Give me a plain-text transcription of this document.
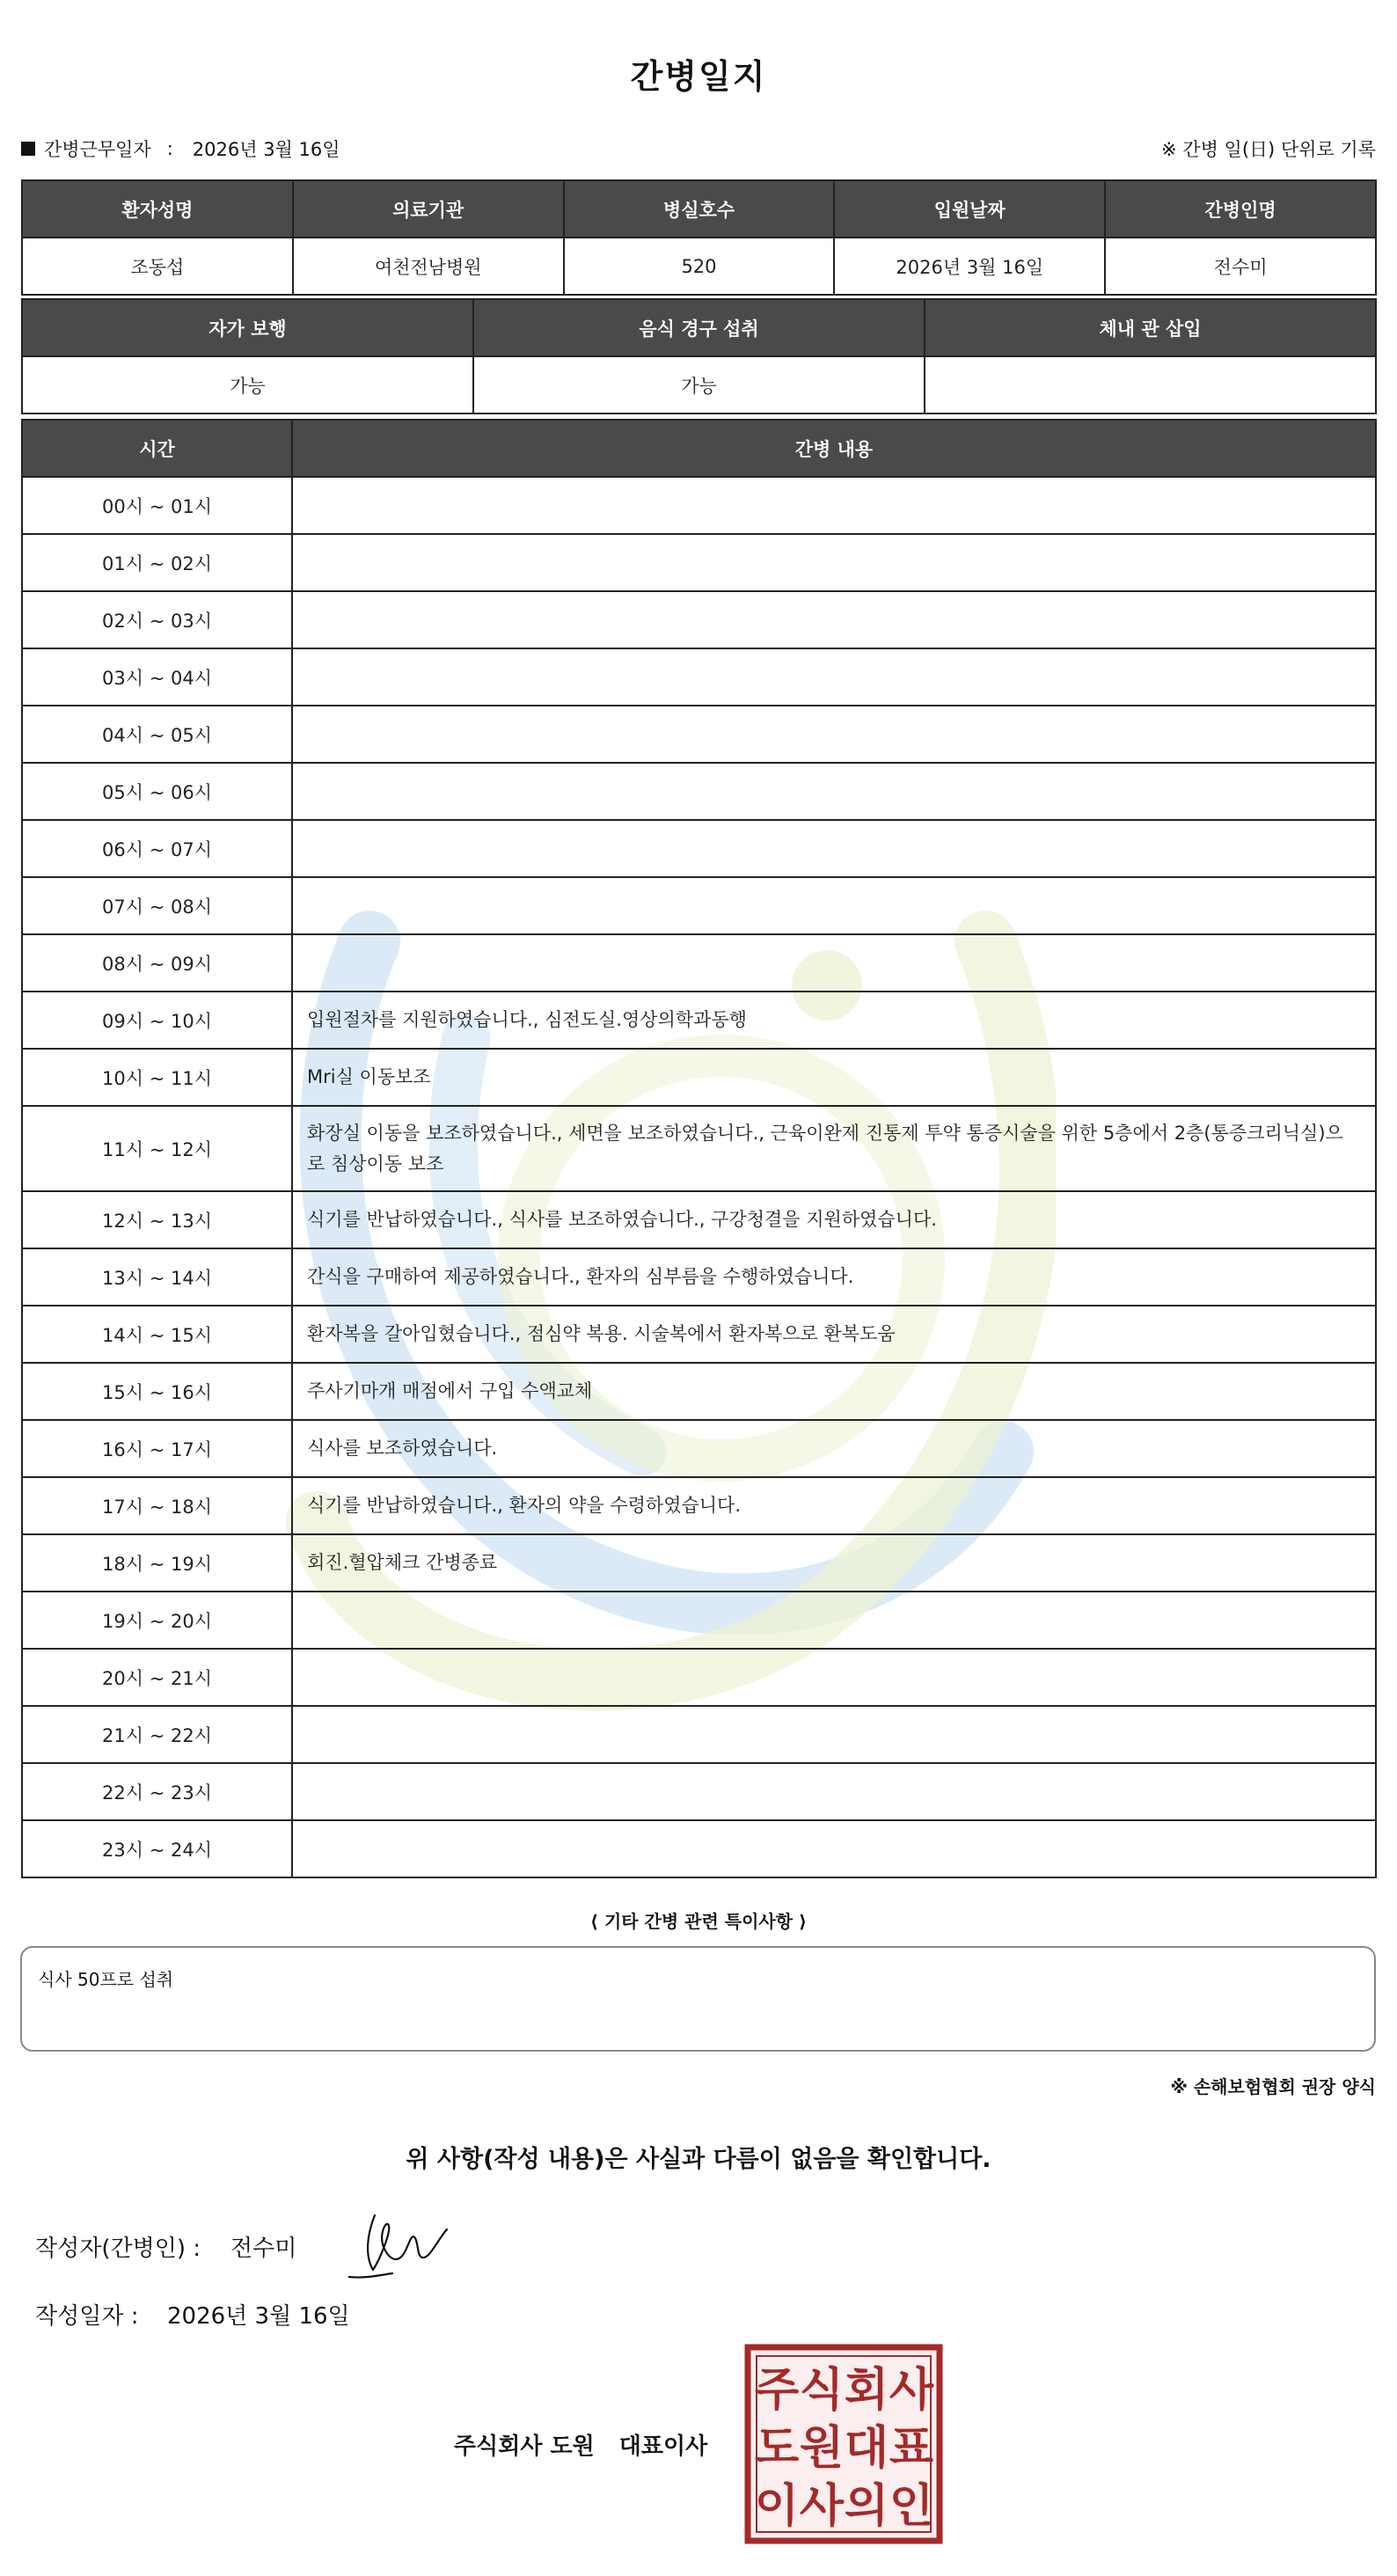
간병일지
간병근무일자 : 2026년 3월 16일	※ 간병 일(日) 단위로 기록
환자성명	의료기관	병실호수	입원날짜	간병인명
조동섭	여천전남병원	520	2026년 3월 16일	전수미
자가 보행	음식 경구 섭취	체내 관 삽입
가능	가능	
시간	간병 내용
00시 ~ 01시	
01시 ~ 02시	
02시 ~ 03시	
03시 ~ 04시	
04시 ~ 05시	
05시 ~ 06시	
06시 ~ 07시	
07시 ~ 08시	
08시 ~ 09시	
09시 ~ 10시	입원절차를 지원하였습니다., 심전도실.영상의학과동행
10시 ~ 11시	Mri실 이동보조
11시 ~ 12시	화장실 이동을 보조하였습니다., 세면을 보조하였습니다., 근육이완제 진통제 투약 통증시술을 위한 5층에서 2층(통증크리닉실)으로 침상이동 보조
12시 ~ 13시	식기를 반납하였습니다., 식사를 보조하였습니다., 구강청결을 지원하였습니다.
13시 ~ 14시	간식을 구매하여 제공하였습니다., 환자의 심부름을 수행하였습니다.
14시 ~ 15시	환자복을 갈아입혔습니다., 점심약 복용. 시술복에서 환자복으로 환복도움
15시 ~ 16시	주사기마개 매점에서 구입 수액교체
16시 ~ 17시	식사를 보조하였습니다.
17시 ~ 18시	식기를 반납하였습니다., 환자의 약을 수령하였습니다.
18시 ~ 19시	회진.혈압체크 간병종료
19시 ~ 20시	
20시 ~ 21시	
21시 ~ 22시	
22시 ~ 23시	
23시 ~ 24시	
⟨ 기타 간병 관련 특이사항 ⟩
식사 50프로 섭취
※ 손해보험협회 권장 양식
위 사항(작성 내용)은 사실과 다름이 없음을 확인합니다.
작성자(간병인) :	전수미
작성일자 :	2026년 3월 16일
주식회사 도원 대표이사
주 식 회 사
도 원 대 표
이 사 의 인
